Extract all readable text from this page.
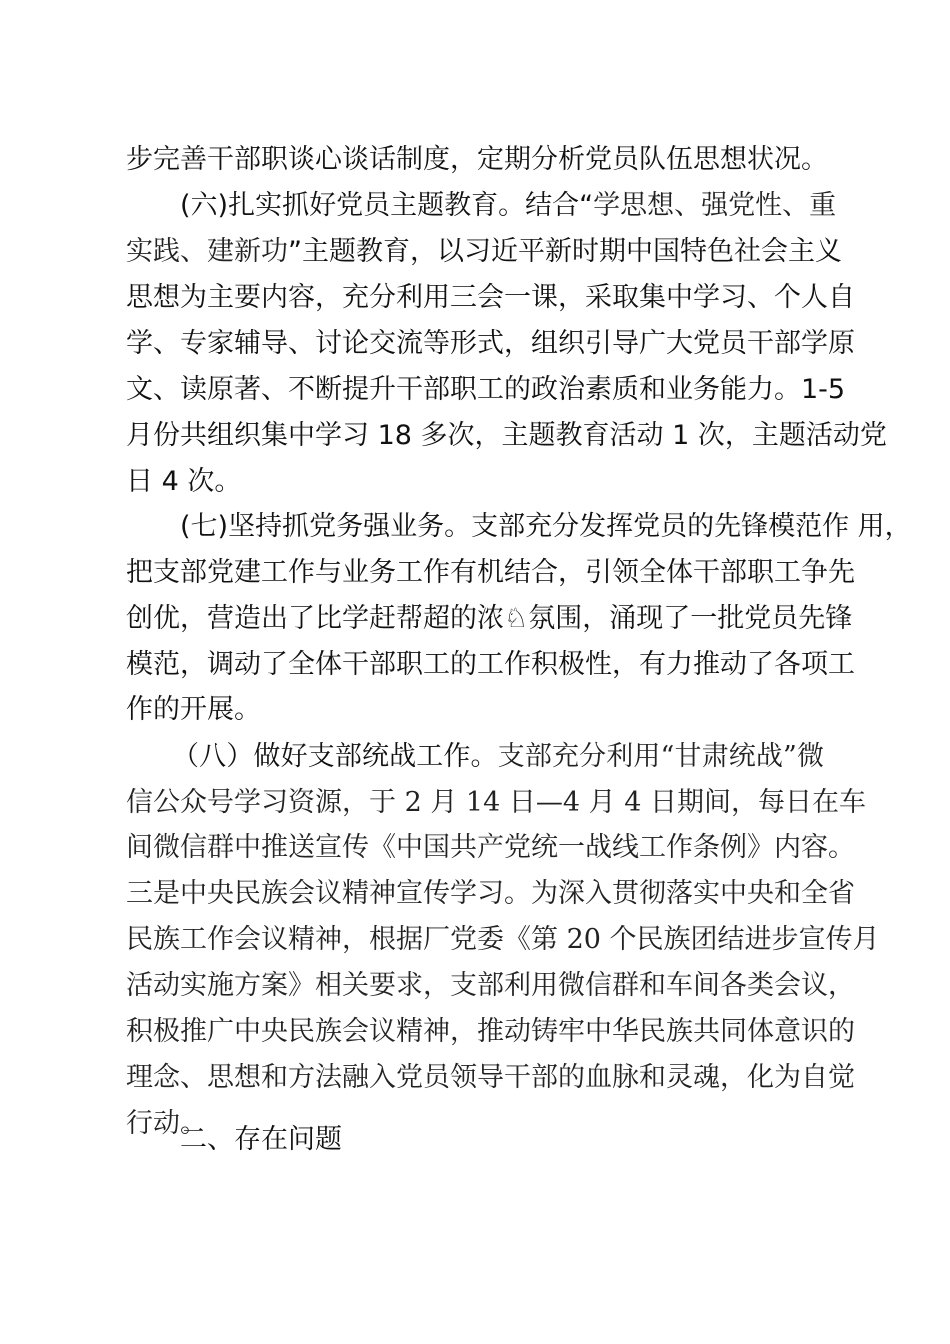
步完善干部职谈心谈话制度，定期分析党员队伍思想状况。
(六)扎实抓好党员主题教育。结合“学思想、强党性、重
实践、建新功”主题教育，以习近平新时期中国特色社会主义
思想为主要内容，充分利用三会一课，采取集中学习、个人自
学、专家辅导、讨论交流等形式，组织引导广大党员干部学原
文、读原著、不断提升干部职工的政治素质和业务能力。1-5
月份共组织集中学习 18 多次，主题教育活动 1 次，主题活动党
日 4 次。
(七)坚持抓党务强业务。支部充分发挥党员的先锋模范作 用，
把支部党建工作与业务工作有机结合，引领全体干部职工争先
创优，营造出了比学赶帮超的浓♘氛围，涌现了一批党员先锋
模范，调动了全体干部职工的工作积极性，有力推动了各项工
作的开展。
（八）做好支部统战工作。支部充分利用“甘肃统战”微
信公众号学习资源，于 2 月 14 日—4 月 4 日期间，每日在车
间微信群中推送宣传《中国共产党统一战线工作条例》内容。
三是中央民族会议精神宣传学习。为深入贯彻落实中央和全省
民族工作会议精神，根据厂党委《第 20 个民族团结进步宣传月
活动实施方案》相关要求，支部利用微信群和车间各类会议，
积极推广中央民族会议精神，推动铸牢中华民族共同体意识的
理念、思想和方法融入党员领导干部的血脉和灵魂，化为自觉
行动。
二、存在问题
